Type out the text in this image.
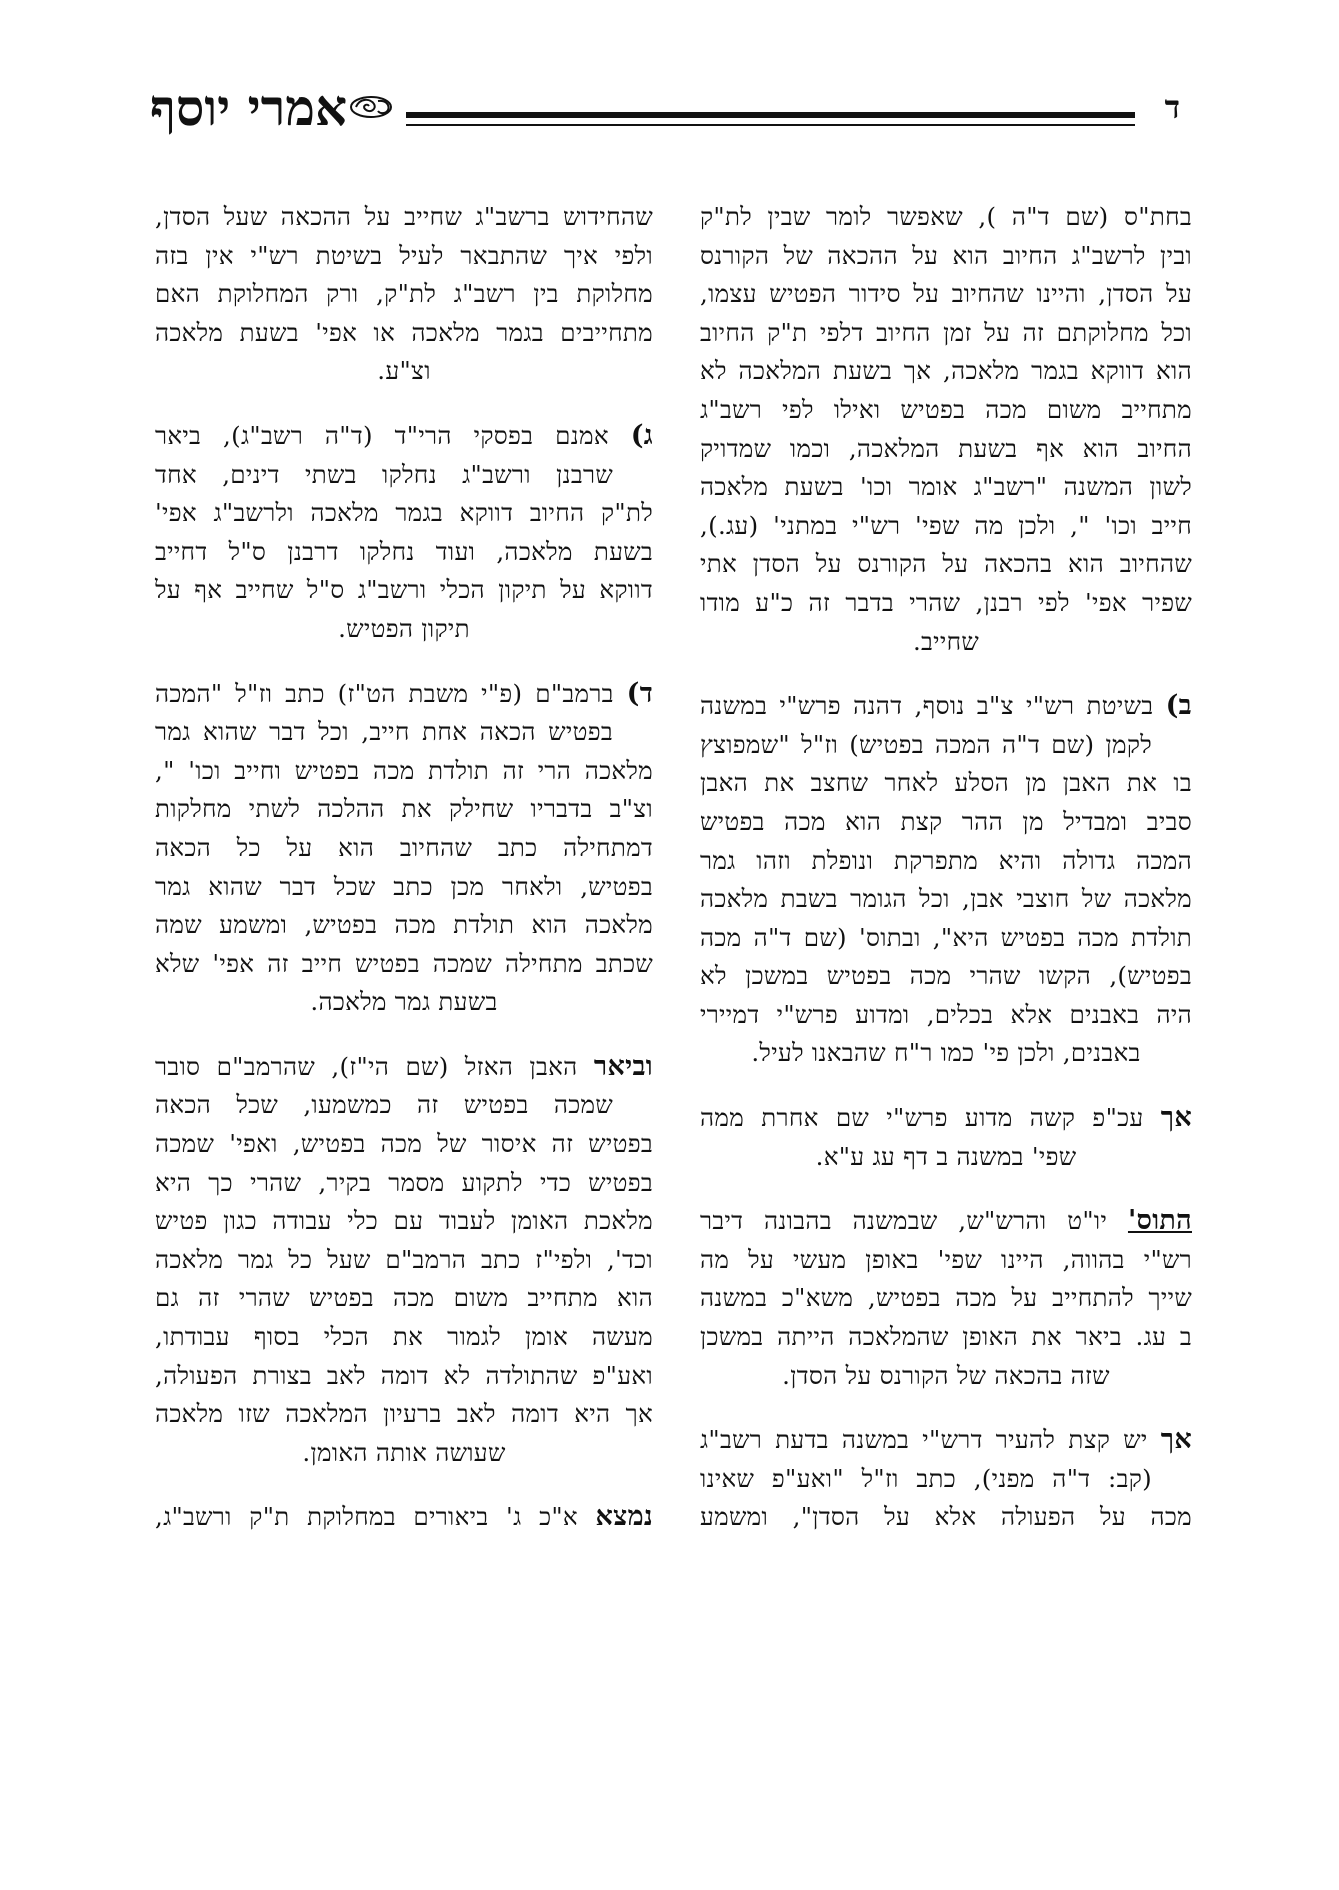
אמרי יוסף	ד
בחת"ס (שם ד"ה ), שאפשר לומר שבין לת"ק
ובין לרשב"ג החיוב הוא על ההכאה של הקורנס
על הסדן, והיינו שהחיוב על סידור הפטיש עצמו,
וכל מחלוקתם זה על זמן החיוב דלפי ת"ק החיוב
הוא דווקא בגמר מלאכה, אך בשעת המלאכה לא
מתחייב משום מכה בפטיש ואילו לפי רשב"ג
החיוב הוא אף בשעת המלאכה, וכמו שמדויק
לשון המשנה "רשב"ג אומר וכו' בשעת מלאכה
חייב וכו' ", ולכן מה שפי' רש"י במתני' (עג.),
שהחיוב הוא בהכאה על הקורנס על הסדן אתי
שפיר אפי' לפי רבנן, שהרי בדבר זה כ"ע מודו
שחייב.
ב) בשיטת רש"י צ"ב נוסף, דהנה פרש"י במשנה
לקמן (שם ד"ה המכה בפטיש) וז"ל "שמפוצץ
בו את האבן מן הסלע לאחר שחצב את האבן
סביב ומבדיל מן ההר קצת הוא מכה בפטיש
המכה גדולה והיא מתפרקת ונופלת וזהו גמר
מלאכה של חוצבי אבן, וכל הגומר בשבת מלאכה
תולדת מכה בפטיש היא", ובתוס' (שם ד"ה מכה
בפטיש), הקשו שהרי מכה בפטיש במשכן לא
היה באבנים אלא בכלים, ומדוע פרש"י דמיירי
באבנים, ולכן פי' כמו ר"ח שהבאנו לעיל.
אך עכ"פ קשה מדוע פרש"י שם אחרת ממה
שפי' במשנה ב דף עג ע"א.
התוס' יו"ט והרש"ש, שבמשנה בהבונה דיבר
רש"י בהווה, היינו שפי' באופן מעשי על מה
שייך להתחייב על מכה בפטיש, משא"כ במשנה
ב עג. ביאר את האופן שהמלאכה הייתה במשכן
שזה בהכאה של הקורנס על הסדן.
אך יש קצת להעיר דרש"י במשנה בדעת רשב"ג
(קב: ד"ה מפני), כתב וז"ל "ואע"פ שאינו
מכה על הפעולה אלא על הסדן", ומשמע
שהחידוש ברשב"ג שחייב על ההכאה שעל הסדן,
ולפי איך שהתבאר לעיל בשיטת רש"י אין בזה
מחלוקת בין רשב"ג לת"ק, ורק המחלוקת האם
מתחייבים בגמר מלאכה או אפי' בשעת מלאכה
וצ"ע.
ג) אמנם בפסקי הרי"ד (ד"ה רשב"ג), ביאר
שרבנן ורשב"ג נחלקו בשתי דינים, אחד
לת"ק החיוב דווקא בגמר מלאכה ולרשב"ג אפי'
בשעת מלאכה, ועוד נחלקו דרבנן ס"ל דחייב
דווקא על תיקון הכלי ורשב"ג ס"ל שחייב אף על
תיקון הפטיש.
ד) ברמב"ם (פ"י משבת הט"ז) כתב וז"ל "המכה
בפטיש הכאה אחת חייב, וכל דבר שהוא גמר
מלאכה הרי זה תולדת מכה בפטיש וחייב וכו' ",
וצ"ב בדבריו שחילק את ההלכה לשתי מחלקות
דמתחילה כתב שהחיוב הוא על כל הכאה
בפטיש, ולאחר מכן כתב שכל דבר שהוא גמר
מלאכה הוא תולדת מכה בפטיש, ומשמע שמה
שכתב מתחילה שמכה בפטיש חייב זה אפי' שלא
בשעת גמר מלאכה.
וביאר האבן האזל (שם הי"ז), שהרמב"ם סובר
שמכה בפטיש זה כמשמעו, שכל הכאה
בפטיש זה איסור של מכה בפטיש, ואפי' שמכה
בפטיש כדי לתקוע מסמר בקיר, שהרי כך היא
מלאכת האומן לעבוד עם כלי עבודה כגון פטיש
וכד', ולפי"ז כתב הרמב"ם שעל כל גמר מלאכה
הוא מתחייב משום מכה בפטיש שהרי זה גם
מעשה אומן לגמור את הכלי בסוף עבודתו,
ואע"פ שהתולדה לא דומה לאב בצורת הפעולה,
אך היא דומה לאב ברעיון המלאכה שזו מלאכה
שעושה אותה האומן.
נמצא א"כ ג' ביאורים במחלוקת ת"ק ורשב"ג,
